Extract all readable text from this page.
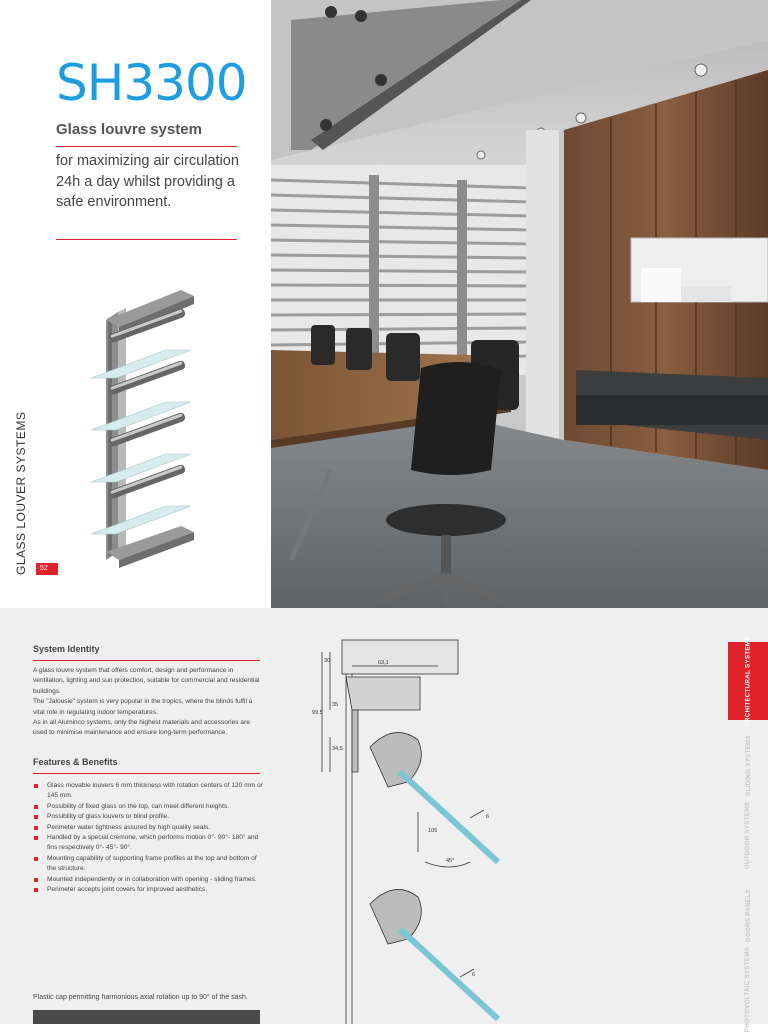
SH3300
Glass louvre system
for maximizing air circulation 24h a day whilst providing a safe environment.
GLASS LOUVER SYSTEMS	52
System Identity

A glass louvre system that offers comfort, design and performance in ventilation, lighting and sun protection, suitable for commercial and residential buildings.

The "Jalousie" system is very popular in the tropics, where the blinds fulfil a vital role in regulating indoor temperatures.

As in all Aluminco systems, only the highest materials and accessories are used to minimise maintenance and ensure long-term performance.

Features & Benefits
Glass movable louvers 6 mm thickness with rotation centers of 120 mm or 145 mm.
Possibility of fixed glass on the top, can meet different heights.
Possibility of glass louvers or blind profile.
Perimeter water tightness assured by high quality seals.
Handled by a special cremone, which performs motion 0°- 90°- 180° and fins respectively 0°- 45°- 90°.
Mounting capability of supporting frame profiles at the top and bottom of the structure.
Mounted independently or in collaboration with opening - sliding frames.
Perimeter accepts joint covers for improved aesthetics.
Plastic cap permitting harmonious axial rotation up to 90° of the sash.
30	63,1
99,5
35
34,5
6
105
45°
6
ARCHITECTURAL SYSTEMS
SLIDING SYSTEMS
OUTDOOR SYSTEMS
DOORS PANELS
PHOTOVOLTAIC SYSTEMS
